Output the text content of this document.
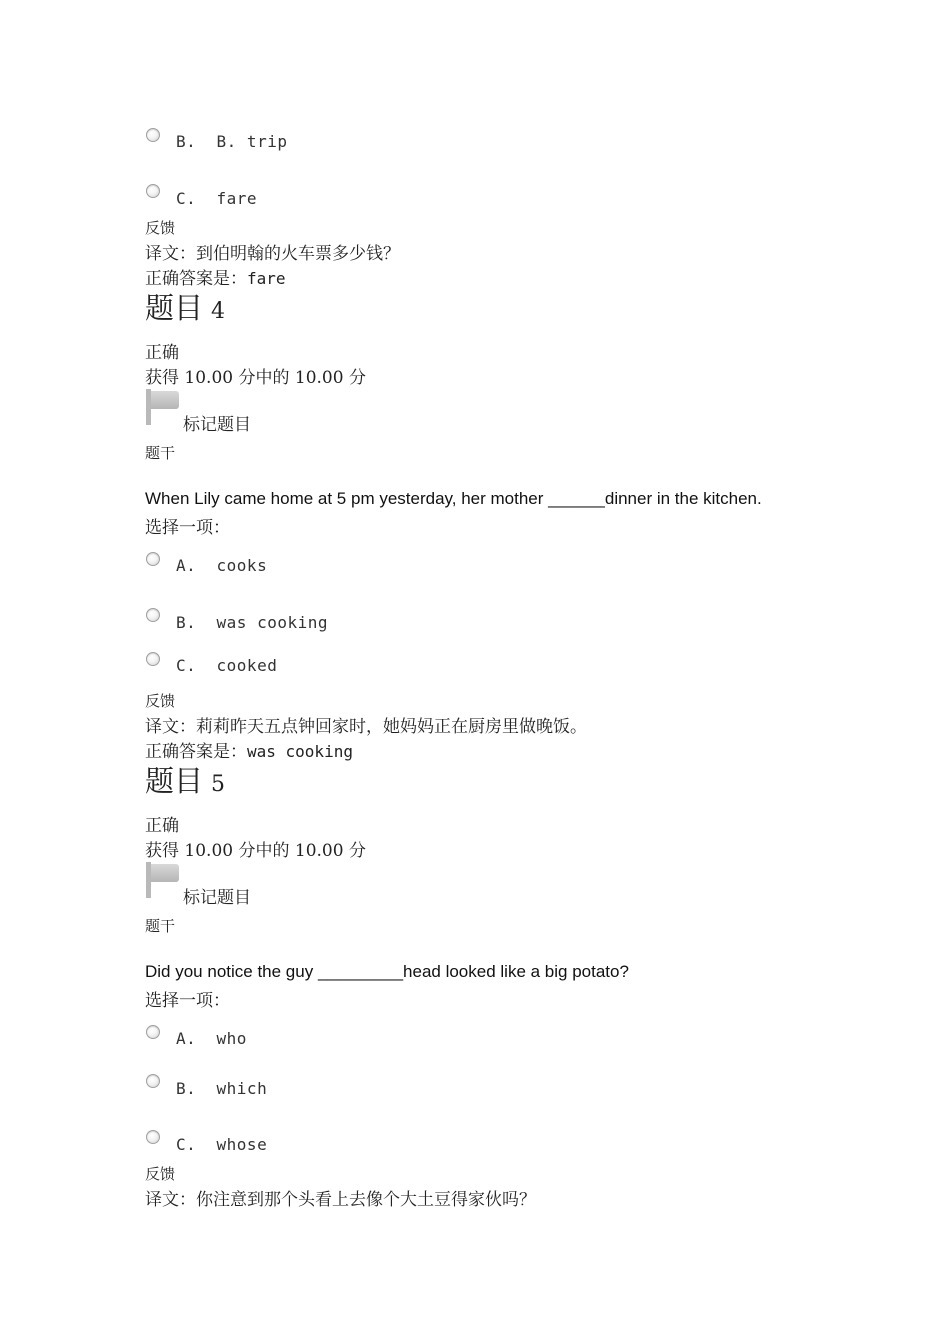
B. B. trip
C. fare
反馈
译文：到伯明翰的火车票多少钱？
正确答案是：fare
题目 4
正确
获得 10.00 分中的 10.00 分
标记题目
题干
When Lily came home at 5 pm yesterday, her mother ______dinner in the kitchen.
选择一项：
A. cooks
B. was cooking
C. cooked
反馈
译文：莉莉昨天五点钟回家时，她妈妈正在厨房里做晚饭。
正确答案是：was cooking
题目 5
正确
获得 10.00 分中的 10.00 分
标记题目
题干
Did you notice the guy _________head looked like a big potato?
选择一项：
A. who
B. which
C. whose
反馈
译文：你注意到那个头看上去像个大土豆得家伙吗？
